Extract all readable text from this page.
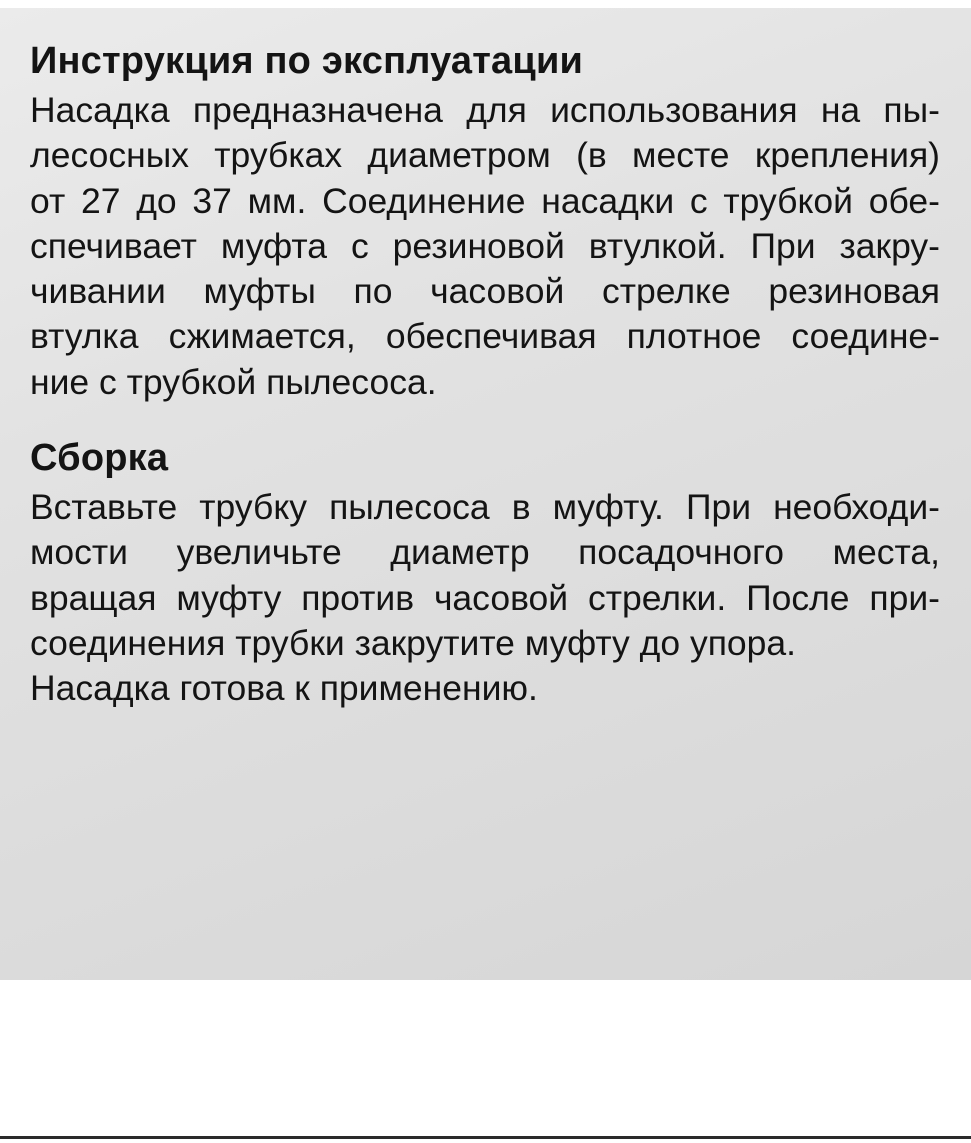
Инструкция по эксплуатации
Насадка предназначена для использования на пы-
лесосных трубках диаметром (в месте крепления)
от 27 до 37 мм. Соединение насадки с трубкой обе-
спечивает муфта с резиновой втулкой. При закру-
чивании муфты по часовой стрелке резиновая
втулка сжимается, обеспечивая плотное соедине-
ние с трубкой пылесоса.
Сборка
Вставьте трубку пылесоса в муфту. При необходи-
мости увеличьте диаметр посадочного места,
вращая муфту против часовой стрелки. После при-
соединения трубки закрутите муфту до упора.
Насадка готова к применению.
